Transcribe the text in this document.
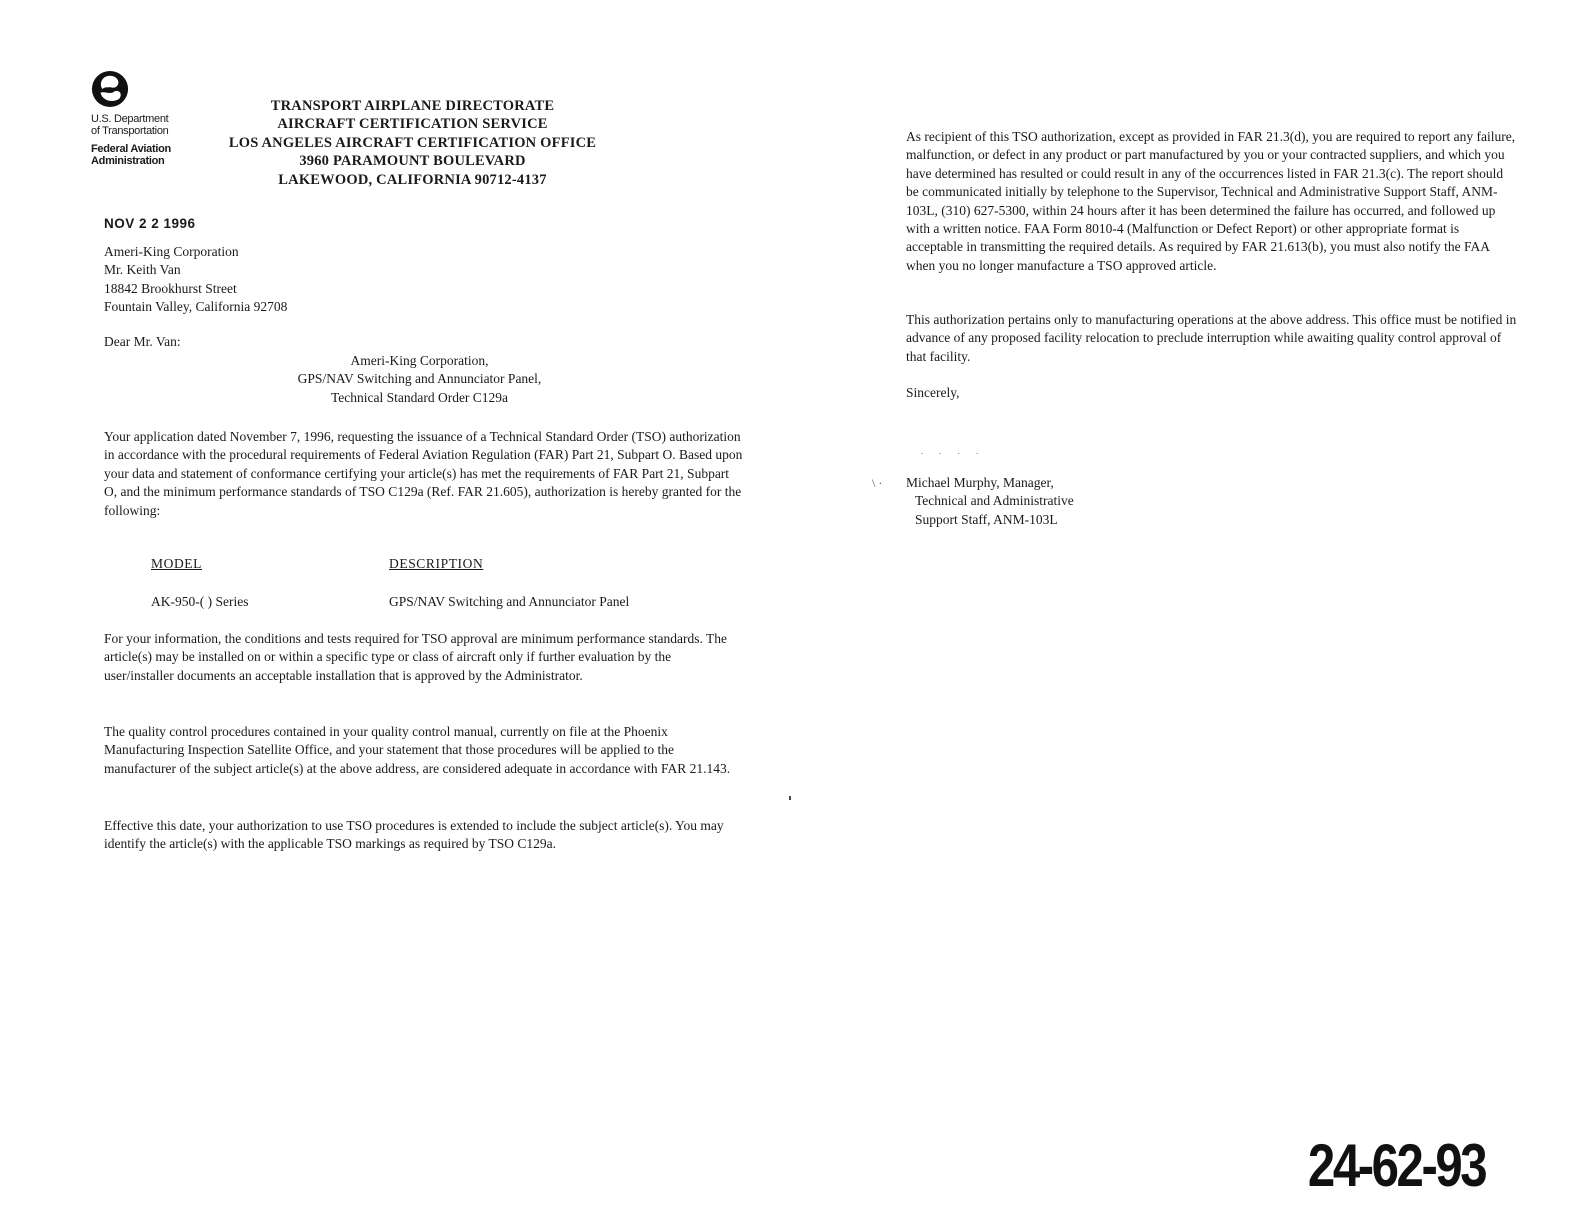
U.S. Department
of Transportation
Federal Aviation
Administration
TRANSPORT AIRPLANE DIRECTORATE
AIRCRAFT CERTIFICATION SERVICE
LOS ANGELES AIRCRAFT CERTIFICATION OFFICE
3960 PARAMOUNT BOULEVARD
LAKEWOOD, CALIFORNIA 90712-4137
NOV 2 2 1996
Ameri-King Corporation
Mr. Keith Van
18842 Brookhurst Street
Fountain Valley, California 92708
Dear Mr. Van:
Ameri-King Corporation,
GPS/NAV Switching and Annunciator Panel,
Technical Standard Order C129a
Your application dated November 7, 1996, requesting the issuance of a Technical Standard Order (TSO) authorization in accordance with the procedural requirements of Federal Aviation Regulation (FAR) Part 21, Subpart O. Based upon your data and statement of conformance certifying your article(s) has met the requirements of FAR Part 21, Subpart O, and the minimum performance standards of TSO C129a (Ref. FAR 21.605), authorization is hereby granted for the following:
MODEL	DESCRIPTION
AK-950-( ) Series	GPS/NAV Switching and Annunciator Panel
For your information, the conditions and tests required for TSO approval are minimum performance standards. The article(s) may be installed on or within a specific type or class of aircraft only if further evaluation by the user/installer documents an acceptable installation that is approved by the Administrator.
The quality control procedures contained in your quality control manual, currently on file at the Phoenix Manufacturing Inspection Satellite Office, and your statement that those procedures will be applied to the manufacturer of the subject article(s) at the above address, are considered adequate in accordance with FAR 21.143.
Effective this date, your authorization to use TSO procedures is extended to include the subject article(s). You may identify the article(s) with the applicable TSO markings as required by TSO C129a.
As recipient of this TSO authorization, except as provided in FAR 21.3(d), you are required to report any failure, malfunction, or defect in any product or part manufactured by you or your contracted suppliers, and which you have determined has resulted or could result in any of the occurrences listed in FAR 21.3(c). The report should be communicated initially by telephone to the Supervisor, Technical and Administrative Support Staff, ANM-103L, (310) 627-5300, within 24 hours after it has been determined the failure has occurred, and followed up with a written notice. FAA Form 8010-4 (Malfunction or Defect Report) or other appropriate format is acceptable in transmitting the required details. As required by FAR 21.613(b), you must also notify the FAA when you no longer manufacture a TSO approved article.
This authorization pertains only to manufacturing operations at the above address. This office must be notified in advance of any proposed facility relocation to preclude interruption while awaiting quality control approval of that facility.
Sincerely,
· · · ·
\ · Michael Murphy, Manager,
Technical and Administrative
Support Staff, ANM-103L
24-62-93
